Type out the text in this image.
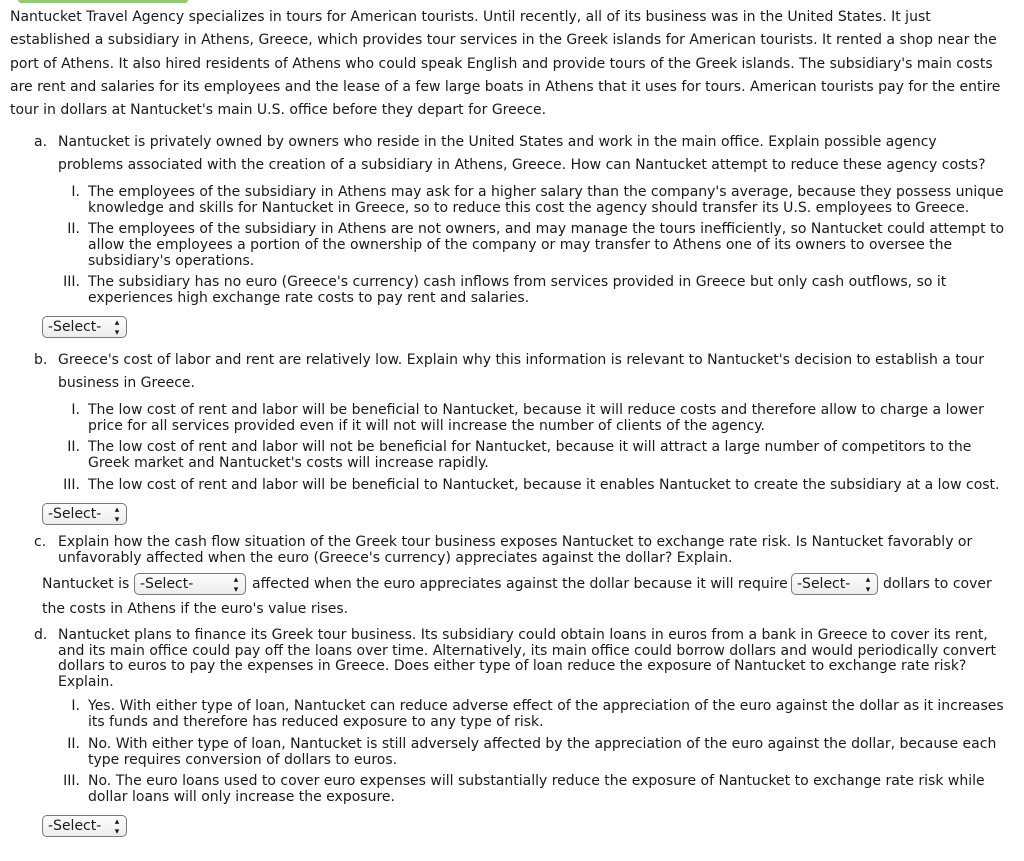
Nantucket Travel Agency specializes in tours for American tourists. Until recently, all of its business was in the United States. It just established a subsidiary in Athens, Greece, which provides tour services in the Greek islands for American tourists. It rented a shop near the port of Athens. It also hired residents of Athens who could speak English and provide tours of the Greek islands. The subsidiary's main costs are rent and salaries for its employees and the lease of a few large boats in Athens that it uses for tours. American tourists pay for the entire tour in dollars at Nantucket's main U.S. office before they depart for Greece.
a. Nantucket is privately owned by owners who reside in the United States and work in the main office. Explain possible agency
problems associated with the creation of a subsidiary in Athens, Greece. How can Nantucket attempt to reduce these agency costs?
I. The employees of the subsidiary in Athens may ask for a higher salary than the company's average, because they possess unique knowledge and skills for Nantucket in Greece, so to reduce this cost the agency should transfer its U.S. employees to Greece.
II. The employees of the subsidiary in Athens are not owners, and may manage the tours inefficiently, so Nantucket could attempt to allow the employees a portion of the ownership of the company or may transfer to Athens one of its owners to oversee the subsidiary's operations.
III. The subsidiary has no euro (Greece's currency) cash inflows from services provided in Greece but only cash outflows, so it experiences high exchange rate costs to pay rent and salaries.
-Select- ▴
▾
b. Greece's cost of labor and rent are relatively low. Explain why this information is relevant to Nantucket's decision to establish a tour
business in Greece.
I. The low cost of rent and labor will be beneficial to Nantucket, because it will reduce costs and therefore allow to charge a lower price for all services provided even if it will not will increase the number of clients of the agency.
II. The low cost of rent and labor will not be beneficial for Nantucket, because it will attract a large number of competitors to the Greek market and Nantucket's costs will increase rapidly.
III. The low cost of rent and labor will be beneficial to Nantucket, because it enables Nantucket to create the subsidiary at a low cost.
-Select- ▴
▾
c. Explain how the cash flow situation of the Greek tour business exposes Nantucket to exchange rate risk. Is Nantucket favorably or unfavorably affected when the euro (Greece's currency) appreciates against the dollar? Explain.
Nantucket is -Select-	▴
▾ affected when the euro appreciates against the dollar because it will require -Select- ▴
▾ dollars to cover
the costs in Athens if the euro's value rises.
d. Nantucket plans to finance its Greek tour business. Its subsidiary could obtain loans in euros from a bank in Greece to cover its rent, and its main office could pay off the loans over time. Alternatively, its main office could borrow dollars and would periodically convert dollars to euros to pay the expenses in Greece. Does either type of loan reduce the exposure of Nantucket to exchange rate risk? Explain.
I. Yes. With either type of loan, Nantucket can reduce adverse effect of the appreciation of the euro against the dollar as it increases its funds and therefore has reduced exposure to any type of risk.
II. No. With either type of loan, Nantucket is still adversely affected by the appreciation of the euro against the dollar, because each type requires conversion of dollars to euros.
III. No. The euro loans used to cover euro expenses will substantially reduce the exposure of Nantucket to exchange rate risk while dollar loans will only increase the exposure.
-Select- ▴
▾
